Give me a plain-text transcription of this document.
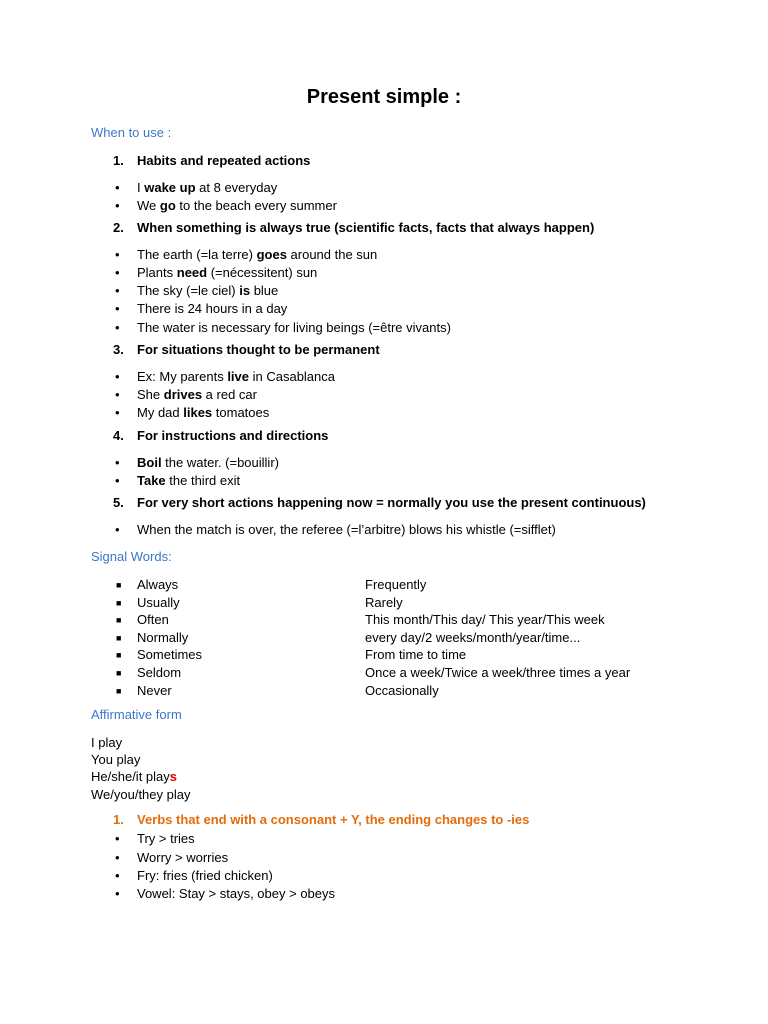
Present simple :
When to use :
1. Habits and repeated actions
• I wake up at 8 everyday
• We go to the beach every summer
2. When something is always true (scientific facts, facts that always happen)
• The earth (=la terre) goes around the sun
• Plants need (=nécessitent) sun
• The sky (=le ciel) is blue
• There is 24 hours in a day
• The water is necessary for living beings (=être vivants)
3. For situations thought to be permanent
• Ex: My parents live in Casablanca
• She drives a red car
• My dad likes tomatoes
4. For instructions and directions
• Boil the water. (=bouillir)
• Take the third exit
5. For very short actions happening now = normally you use the present continuous)
• When the match is over, the referee (=l’arbitre) blows his whistle (=sifflet)
Signal Words:
■ Always
■ Usually
■ Often
■ Normally
■ Sometimes
■ Seldom
■ Never
Frequently
Rarely
This month/This day/ This year/This week
every day/2 weeks/month/year/time...
From time to time
Once a week/Twice a week/three times a year
Occasionally
Affirmative form
I play
You play
He/she/it plays
We/you/they play
1. Verbs that end with a consonant + Y, the ending changes to -ies
• Try > tries
• Worry > worries
• Fry: fries (fried chicken)
• Vowel: Stay > stays, obey > obeys
